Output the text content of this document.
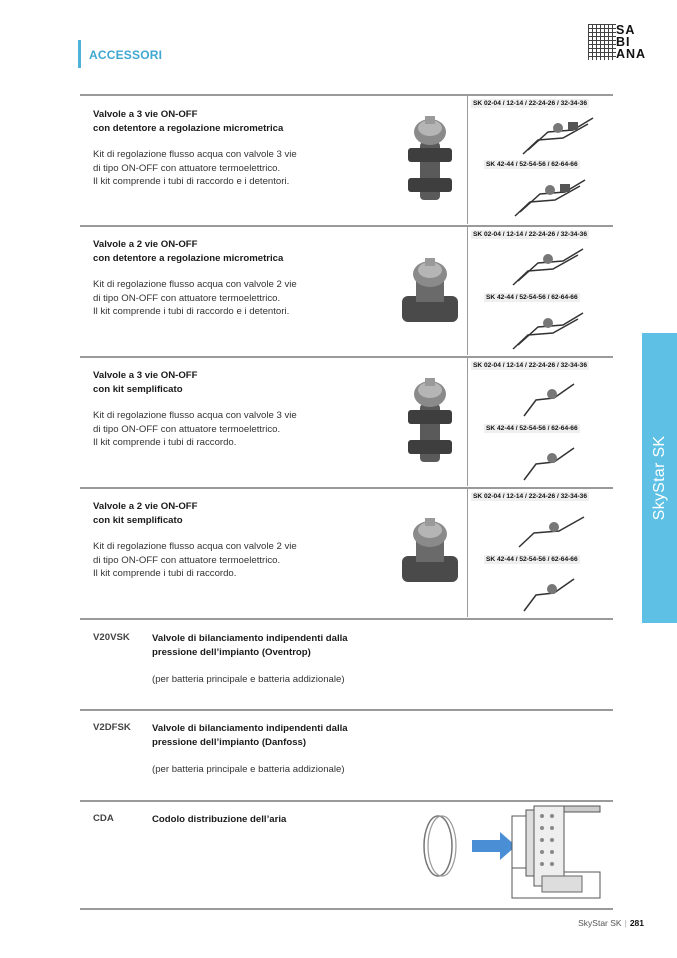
ACCESSORI
SA
BI
ANA
SkyStar SK
Valvole a 3 vie ON-OFF
con detentore a regolazione micrometrica
Kit di regolazione flusso acqua con valvole 3 vie
di tipo ON-OFF con attuatore termoelettrico.
Il kit comprende i tubi di raccordo e i detentori.
SK 02-04 / 12-14 / 22-24-26 / 32-34-36
SK 42-44 / 52-54-56 / 62-64-66
Valvole a 2 vie ON-OFF
con detentore a regolazione micrometrica
Kit di regolazione flusso acqua con valvole 2 vie
di tipo ON-OFF con attuatore termoelettrico.
Il kit comprende i tubi di raccordo e i detentori.
SK 02-04 / 12-14 / 22-24-26 / 32-34-36
SK 42-44 / 52-54-56 / 62-64-66
Valvole a 3 vie ON-OFF
con kit semplificato
Kit di regolazione flusso acqua con valvole 3 vie
di tipo ON-OFF con attuatore termoelettrico.
Il kit comprende i tubi di raccordo.
SK 02-04 / 12-14 / 22-24-26 / 32-34-36
SK 42-44 / 52-54-56 / 62-64-66
Valvole a 2 vie ON-OFF
con kit semplificato
Kit di regolazione flusso acqua con valvole 2 vie
di tipo ON-OFF con attuatore termoelettrico.
Il kit comprende i tubi di raccordo.
SK 02-04 / 12-14 / 22-24-26 / 32-34-36
SK 42-44 / 52-54-56 / 62-64-66
V20VSK Valvole di bilanciamento indipendenti dalla
pressione dell’impianto (Oventrop)
(per batteria principale e batteria addizionale)
V2DFSK Valvole di bilanciamento indipendenti dalla
pressione dell’impianto (Danfoss)
(per batteria principale e batteria addizionale)
CDA	Codolo distribuzione dell’aria
SkyStar SK | 281
